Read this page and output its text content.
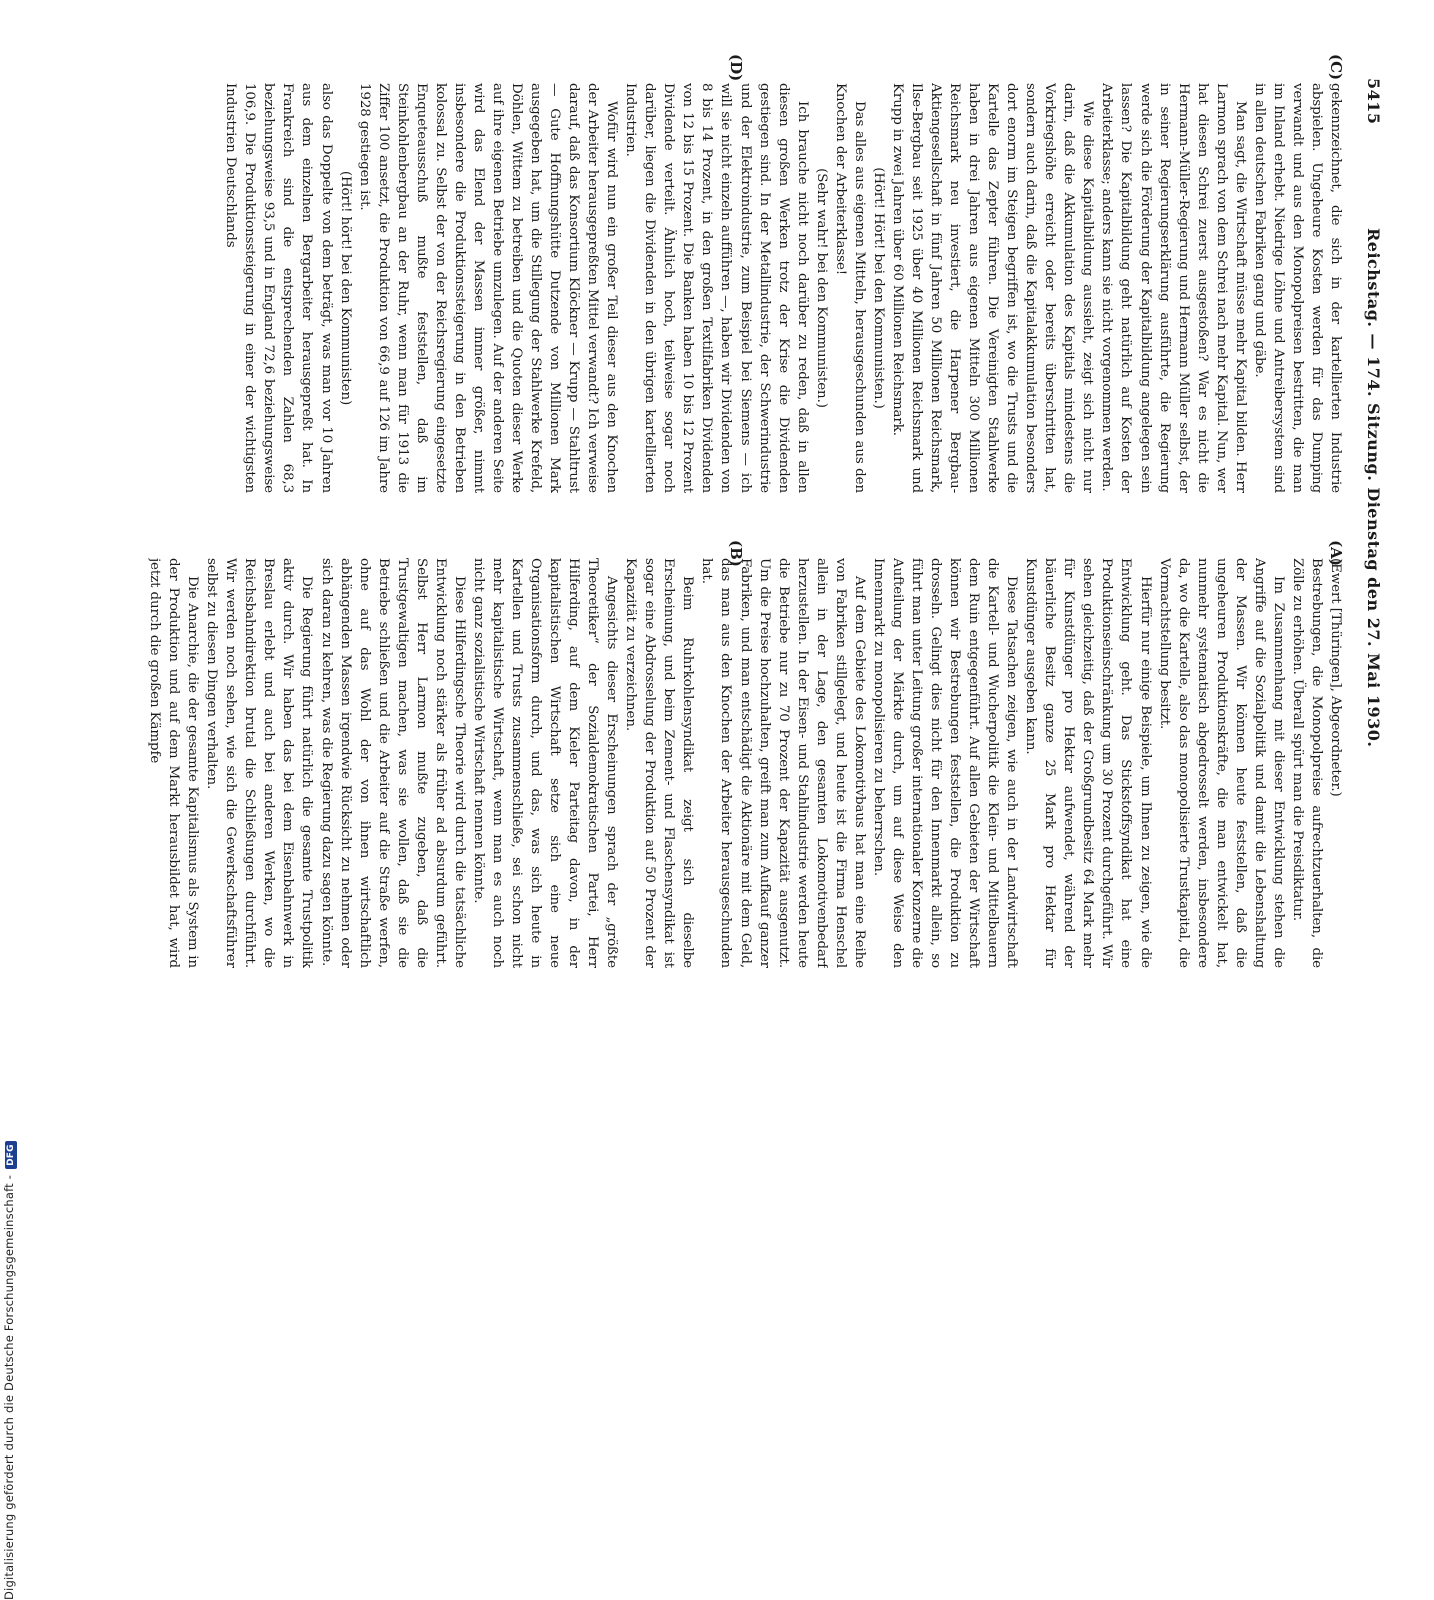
5415
Reichstag. — 174. Sitzung. Dienstag den 27. Mai 1930.
(C)
(A)
(D)
(B)

gekennzeichnet, die sich in der kartellierten Industrie abspielen. Ungeheure Kosten werden für das Dumping verwandt und aus den Monopolpreisen bestritten, die man im Inland erhebt. Niedrige Löhne und Antreibersystem sind in allen deutschen Fabriken gang und gäbe.

Man sagt, die Wirtschaft müsse mehr Kapital bilden. Herr Larmon sprach von dem Schrei nach mehr Kapital. Nun, wer hat diesen Schrei zuerst ausgestoßen? War es nicht die Hermann-Müller-Regierung und Hermann Müller selbst, der in seiner Regierungserklärung ausführte, die Regierung werde sich die Förderung der Kapitalbildung angelegen sein lassen? Die Kapitalbildung geht natürlich auf Kosten der Arbeiterklasse; anders kann sie nicht vorgenommen werden.

Wie diese Kapitalbildung aussieht, zeigt sich nicht nur darin, daß die Akkumulation des Kapitals mindestens die Vorkriegshöhe erreicht oder bereits überschritten hat, sondern auch darin, daß die Kapitalakkumulation besonders dort enorm im Steigen begriffen ist, wo die Trusts und die Kartelle das Zepter führen. Die Vereinigten Stahlwerke haben in drei Jahren aus eigenen Mitteln 300 Millionen Reichsmark neu investiert, die Harpener Bergbau-Aktiengesellschaft in fünf Jahren 50 Millionen Reichsmark, Ilse-Bergbau seit 1925 über 40 Millionen Reichsmark und Krupp in zwei Jahren über 60 Millionen Reichsmark.

(Hört! Hört! bei den Kommunisten.)

Das alles aus eigenen Mitteln, herausgeschunden aus den Knochen der Arbeiterklasse!

(Sehr wahr! bei den Kommunisten.)

Ich brauche nicht noch darüber zu reden, daß in allen diesen großen Werken trotz der Krise die Dividenden gestiegen sind. In der Metallindustrie, der Schwerindustrie und der Elektroindustrie, zum Beispiel bei Siemens — ich will sie nicht einzeln aufführen —, haben wir Dividenden von 8 bis 14 Prozent, in den großen Textilfabriken Dividenden von 12 bis 15 Prozent. Die Banken haben 10 bis 12 Prozent Dividende verteilt. Ähnlich hoch, teilweise sogar noch darüber, liegen die Dividenden in den übrigen kartellierten Industrien.

Wofür wird nun ein großer Teil dieser aus den Knochen der Arbeiter herausgepreßten Mittel verwandt? Ich verweise darauf, daß das Konsortium Klöckner — Krupp — Stahltrust — Gute Hoffnungshütte Dutzende von Millionen Mark ausgegeben hat, um die Stillegung der Stahlwerke Krefeld, Döhlen, Wittem zu betreiben und die Quoten dieser Werke auf ihre eigenen Betriebe umzulegen. Auf der anderen Seite wird das Elend der Massen immer größer, nimmt insbesondere die Produktionssteigerung in den Betrieben kolossal zu. Selbst der von der Reichsregierung eingesetzte Enqueteausschuß mußte feststellen, daß im Steinkohlenbergbau an der Ruhr, wenn man für 1913 die Ziffer 100 ansetzt, die Produktion von 66,9 auf 126 im Jahre 1928 gestiegen ist.

(Hört! hört! bei den Kommunisten)

also das Doppelte von dem beträgt, was man vor 10 Jahren aus dem einzelnen Bergarbeiter herausgepreßt hat. In Frankreich sind die entsprechenden Zahlen 68,3 beziehungsweise 93,5 und in England 72,6 beziehungsweise 106,9. Die Produktionssteigerung in einer der wichtigsten Industrien Deutschlands

(Ewert [Thüringen], Abgeordneter.)

Bestrebungen, die Monopolpreise aufrechtzuerhalten, die Zölle zu erhöhen. Überall spürt man die Preisdiktatur.

Im Zusammenhang mit dieser Entwicklung stehen die Angriffe auf die Sozialpolitik und damit die Lebenshaltung der Massen. Wir können heute feststellen, daß die ungeheuren Produktionskräfte, die man entwickelt hat, nunmehr systematisch abgedrosselt werden, insbesondere da, wo die Kartelle, also das monopolisierte Trustkapital, die Vormachtstellung besitzt.

Hierfür nur einige Beispiele, um Ihnen zu zeigen, wie die Entwicklung geht. Das Stickstoffsyndikat hat eine Produktionseinschränkung um 30 Prozent durchgeführt. Wir sehen gleichzeitig, daß der Großgrundbesitz 64 Mark mehr für Kunstdünger pro Hektar aufwendet, während der bäuerliche Besitz ganze 25 Mark pro Hektar für Kunstdünger ausgeben kann.

Diese Tatsachen zeigen, wie auch in der Landwirtschaft die Kartell- und Wucherpolitik die Klein- und Mittelbauern dem Ruin entgegenführt. Auf allen Gebieten der Wirtschaft können wir Bestrebungen feststellen, die Produktion zu drosseln. Gelingt dies nicht für den Innenmarkt allein, so führt man unter Leitung großer internationaler Konzerne die Aufteilung der Märkte durch, um auf diese Weise den Innenmarkt zu monopolisieren zu beherrschen.

Auf dem Gebiete des Lokomotivbaus hat man eine Reihe von Fabriken stillgelegt, und heute ist die Firma Henschel allein in der Lage, den gesamten Lokomotivenbedarf herzustellen. In der Eisen- und Stahlindustrie werden heute die Betriebe nur zu 70 Prozent der Kapazität ausgenutzt. Um die Preise hochzuhalten, greift man zum Aufkauf ganzer Fabriken, und man entschädigt die Aktionäre mit dem Geld, das man aus den Knochen der Arbeiter herausgeschunden hat.

Beim Ruhrkohlensyndikat zeigt sich dieselbe Erscheinung, und beim Zement- und Flaschensyndikat ist sogar eine Abdrosselung der Produktion auf 50 Prozent der Kapazität zu verzeichnen.

Angesichts dieser Erscheinungen sprach der „größte Theoretiker“ der Sozialdemokratischen Partei, Herr Hilferding, auf dem Kieler Parteitag davon, in der kapitalistischen Wirtschaft setze sich eine neue Organisationsform durch, und das, was sich heute in Kartellen und Trusts zusammenschließe, sei schon nicht mehr kapitalistische Wirtschaft, wenn man es auch noch nicht ganz sozialistische Wirtschaft nennen könnte.

Diese Hilferdingsche Theorie wird durch die tatsächliche Entwicklung noch stärker als früher ad absurdum geführt. Selbst Herr Larmon mußte zugeben, daß die Trustgewaltigen machen, was sie wollen, daß sie die Betriebe schließen und die Arbeiter auf die Straße werfen, ohne auf das Wohl der von ihnen wirtschaftlich abhängenden Massen irgendwie Rücksicht zu nehmen oder sich daran zu kehren, was die Regierung dazu sagen könnte.

Die Regierung führt natürlich die gesamte Trustpolitik aktiv durch. Wir haben das bei dem Eisenbahnwerk in Breslau erlebt und auch bei anderen Werken, wo die Reichsbahndirektion brutal die Schließungen durchführt. Wir werden noch sehen, wie sich die Gewerkschaftsführer selbst zu diesen Dingen verhalten.

Die Anarchie, die der gesamte Kapitalismus als System in der Produktion und auf dem Markt herausbildet hat, wird jetzt durch die großen Kämpfe

Digitalisierung gefördert durch die Deutsche Forschungsgemeinschaft -DFG
